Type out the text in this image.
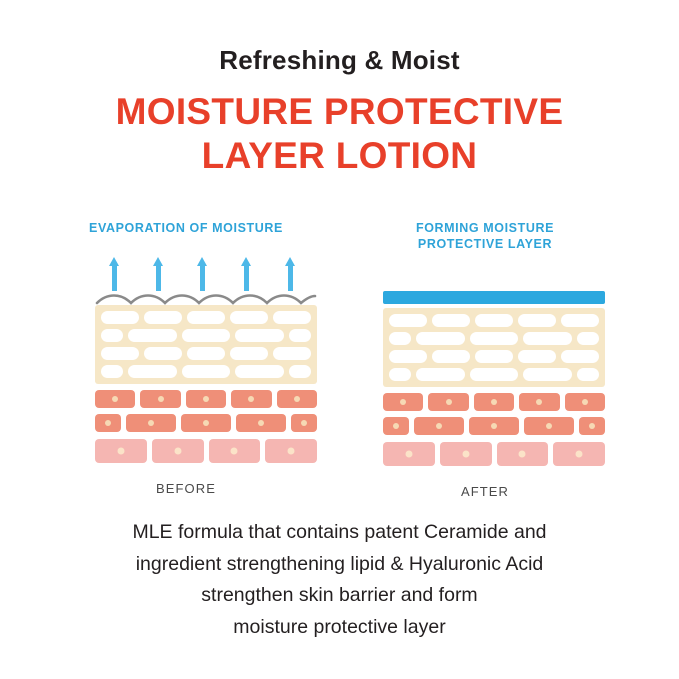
Refreshing & Moist
MOISTURE PROTECTIVE
LAYER LOTION
EVAPORATION OF MOISTURE
BEFORE
FORMING MOISTURE
PROTECTIVE LAYER
AFTER
MLE formula that contains patent Ceramide and
ingredient strengthening lipid & Hyaluronic Acid
strengthen skin barrier and form
moisture protective layer
